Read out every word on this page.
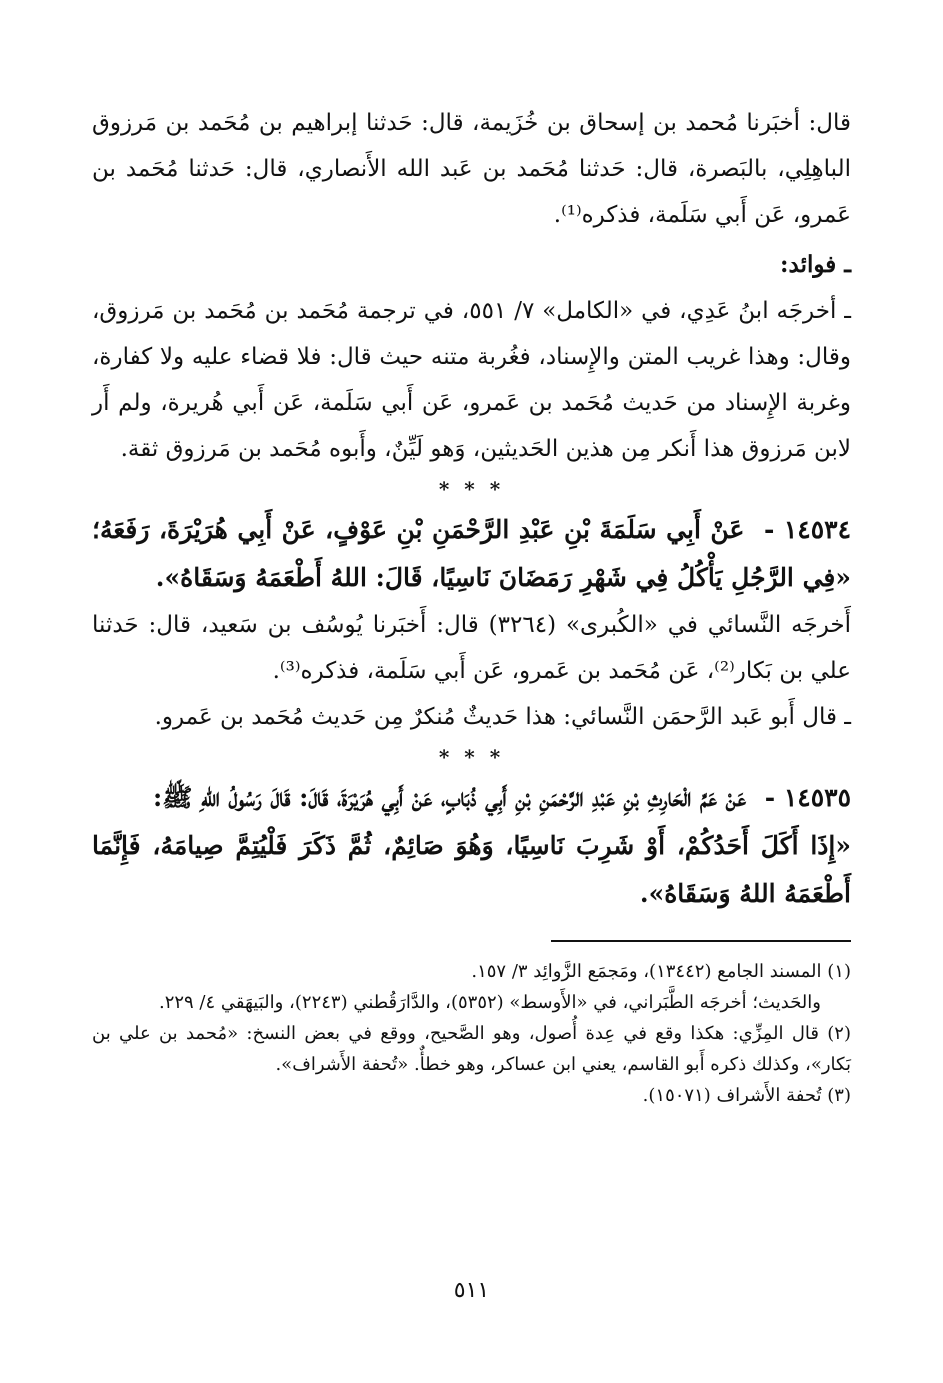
قال: أخبَرنا مُحمد بن إسحاق بن خُزَيمة، قال: حَدثنا إبراهيم بن مُحَمد بن مَرزوق الباهِلِي، بالبَصرة، قال: حَدثنا مُحَمد بن عَبد الله الأَنصاري، قال: حَدثنا مُحَمد بن عَمرو، عَن أَبي سَلَمة، فذكره⁽¹⁾.

ـ فوائد:

ـ أخرجَه ابنُ عَدِي، في «الكامل» ٧/ ٥٥١، في ترجمة مُحَمد بن مُحَمد بن مَرزوق، وقال: وهذا غريب المتن والإِسناد، فغُربة متنه حيث قال: فلا قضاء عليه ولا كفارة، وغربة الإِسناد من حَديث مُحَمد بن عَمرو، عَن أَبي سَلَمة، عَن أَبي هُريرة، ولم أَر لابن مَرزوق هذا أَنكر مِن هذين الحَديثين، وَهو لَيِّنٌ، وأَبوه مُحَمد بن مَرزوق ثقة.

* * *

١٤٥٣٤ - عَنْ أَبِي سَلَمَةَ بْنِ عَبْدِ الرَّحْمَنِ بْنِ عَوْفٍ، عَنْ أَبِي هُرَيْرَةَ، رَفَعَهُ؛ «فِي الرَّجُلِ يَأْكُلُ فِي شَهْرِ رَمَضَانَ نَاسِيًا، قَالَ: اللهُ أَطْعَمَهُ وَسَقَاهُ».

أَخرجَه النَّسائي في «الكُبرى» (٣٢٦٤) قال: أَخبَرنا يُوسُف بن سَعيد، قال: حَدثنا علي بن بَكار⁽²⁾، عَن مُحَمد بن عَمرو، عَن أَبي سَلَمة، فذكره⁽³⁾.

ـ قال أَبو عَبد الرَّحمَن النَّسائي: هذا حَديثٌ مُنكرٌ مِن حَديث مُحَمد بن عَمرو.

* * *

١٤٥٣٥ - عَنْ عَمِّ الْحَارِثِ بْنِ عَبْدِ الرَّحْمَنِ بْنِ أَبِي ذُبَابٍ، عَنْ أَبِي هُرَيْرَةَ، قَالَ: قَالَ رَسُولُ اللهِ ﷺ:

«إِذَا أَكَلَ أَحَدُكُمْ، أَوْ شَرِبَ نَاسِيًا، وَهُوَ صَائِمٌ، ثُمَّ ذَكَرَ فَلْيُتِمَّ صِيامَهُ، فَإِنَّمَا أَطْعَمَهُ اللهُ وَسَقَاهُ».

(١) المسند الجامع (١٣٤٤٢)، ومَجمَع الزَّوائِد ٣/ ١٥٧.

والحَديث؛ أخرجَه الطَّبَراني، في «الأَوسط» (٥٣٥٢)، والدَّارَقُطني (٢٢٤٣)، والبَيهَقي ٤/ ٢٢٩.

(٢) قال المِزِّي: هكذا وقع في عِدة أُصول، وهو الصَّحيح، ووقع في بعض النسخ: «مُحمد بن علي بن بَكار»، وكذلك ذكره أَبو القاسم، يعني ابن عساكر، وهو خطأٌ. «تُحفة الأَشراف».

(٣) تُحفة الأَشراف (١٥٠٧١).

٥١١
